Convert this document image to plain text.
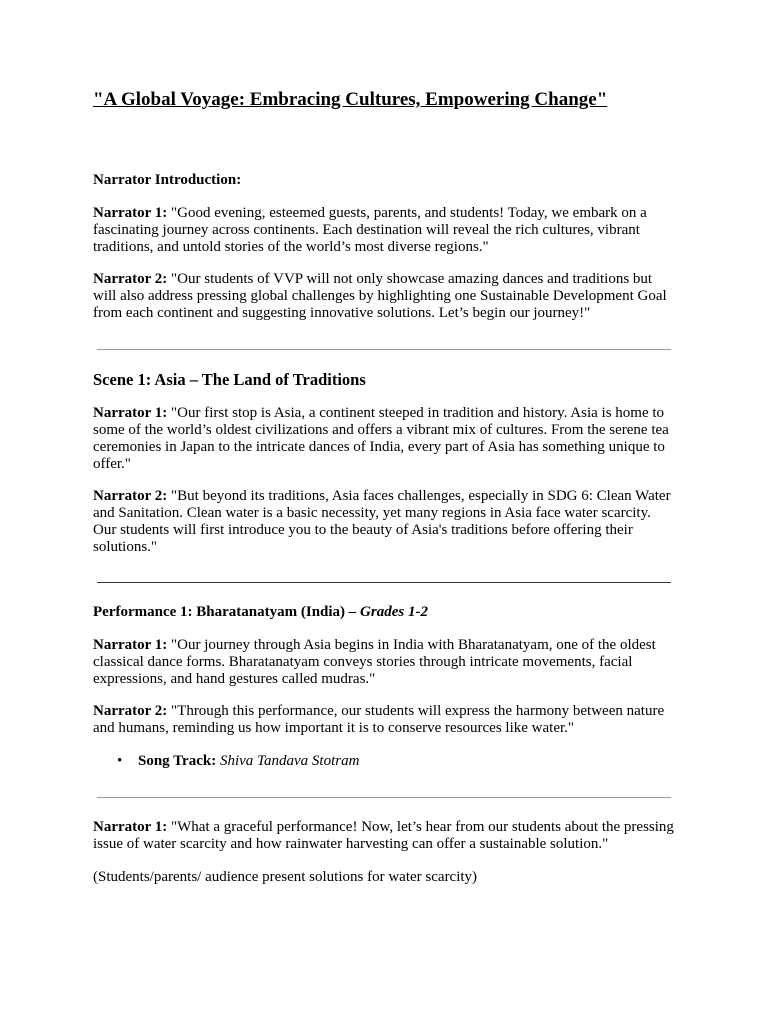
"A Global Voyage: Embracing Cultures, Empowering Change"

Narrator Introduction:

Narrator 1: "Good evening, esteemed guests, parents, and students! Today, we embark on a fascinating journey across continents. Each destination will reveal the rich cultures, vibrant traditions, and untold stories of the world’s most diverse regions."

Narrator 2: "Our students of VVP will not only showcase amazing dances and traditions but will also address pressing global challenges by highlighting one Sustainable Development Goal from each continent and suggesting innovative solutions. Let’s begin our journey!"

Scene 1: Asia – The Land of Traditions

Narrator 1: "Our first stop is Asia, a continent steeped in tradition and history. Asia is home to some of the world’s oldest civilizations and offers a vibrant mix of cultures. From the serene tea ceremonies in Japan to the intricate dances of India, every part of Asia has something unique to offer."

Narrator 2: "But beyond its traditions, Asia faces challenges, especially in SDG 6: Clean Water and Sanitation. Clean water is a basic necessity, yet many regions in Asia face water scarcity. Our students will first introduce you to the beauty of Asia's traditions before offering their solutions."

Performance 1: Bharatanatyam (India) – Grades 1-2

Narrator 1: "Our journey through Asia begins in India with Bharatanatyam, one of the oldest classical dance forms. Bharatanatyam conveys stories through intricate movements, facial expressions, and hand gestures called mudras."

Narrator 2: "Through this performance, our students will express the harmony between nature and humans, reminding us how important it is to conserve resources like water."

• Song Track: Shiva Tandava Stotram

Narrator 1: "What a graceful performance! Now, let’s hear from our students about the pressing issue of water scarcity and how rainwater harvesting can offer a sustainable solution."

(Students/parents/ audience present solutions for water scarcity)
